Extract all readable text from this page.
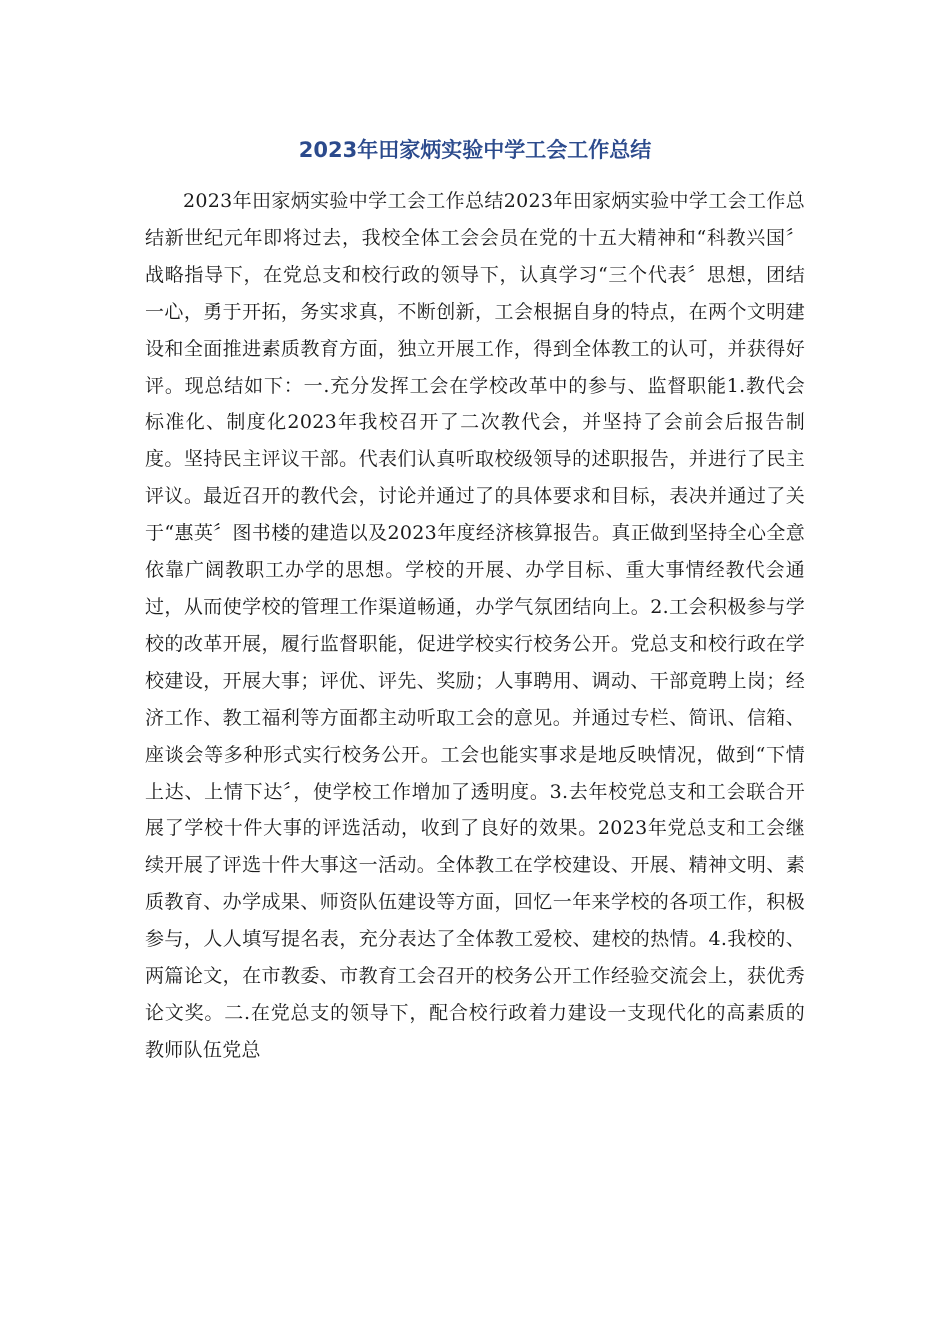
2023年田家炳实验中学工会工作总结

2023年田家炳实验中学工会工作总结2023年田家炳实验中学工会工作总结新世纪元年即将过去，我校全体工会会员在党的十五大精神和“科教兴国〞战略指导下，在党总支和校行政的领导下，认真学习“三个代表〞思想，团结一心，勇于开拓，务实求真，不断创新，工会根据自身的特点，在两个文明建设和全面推进素质教育方面，独立开展工作，得到全体教工的认可，并获得好评。现总结如下：一.充分发挥工会在学校改革中的参与、监督职能1.教代会标准化、制度化2023年我校召开了二次教代会，并坚持了会前会后报告制度。坚持民主评议干部。代表们认真听取校级领导的述职报告，并进行了民主评议。最近召开的教代会，讨论并通过了的具体要求和目标，表决并通过了关于“惠英〞图书楼的建造以及2023年度经济核算报告。真正做到坚持全心全意依靠广阔教职工办学的思想。学校的开展、办学目标、重大事情经教代会通过，从而使学校的管理工作渠道畅通，办学气氛团结向上。2.工会积极参与学校的改革开展，履行监督职能，促进学校实行校务公开。党总支和校行政在学校建设，开展大事；评优、评先、奖励；人事聘用、调动、干部竟聘上岗；经济工作、教工福利等方面都主动听取工会的意见。并通过专栏、简讯、信箱、座谈会等多种形式实行校务公开。工会也能实事求是地反映情况，做到“下情上达、上情下达〞，使学校工作增加了透明度。3.去年校党总支和工会联合开展了学校十件大事的评选活动，收到了良好的效果。2023年党总支和工会继续开展了评选十件大事这一活动。全体教工在学校建设、开展、精神文明、素质教育、办学成果、师资队伍建设等方面，回忆一年来学校的各项工作，积极参与，人人填写提名表，充分表达了全体教工爱校、建校的热情。4.我校的、两篇论文，在市教委、市教育工会召开的校务公开工作经验交流会上，获优秀论文奖。二.在党总支的领导下，配合校行政着力建设一支现代化的高素质的教师队伍党总
